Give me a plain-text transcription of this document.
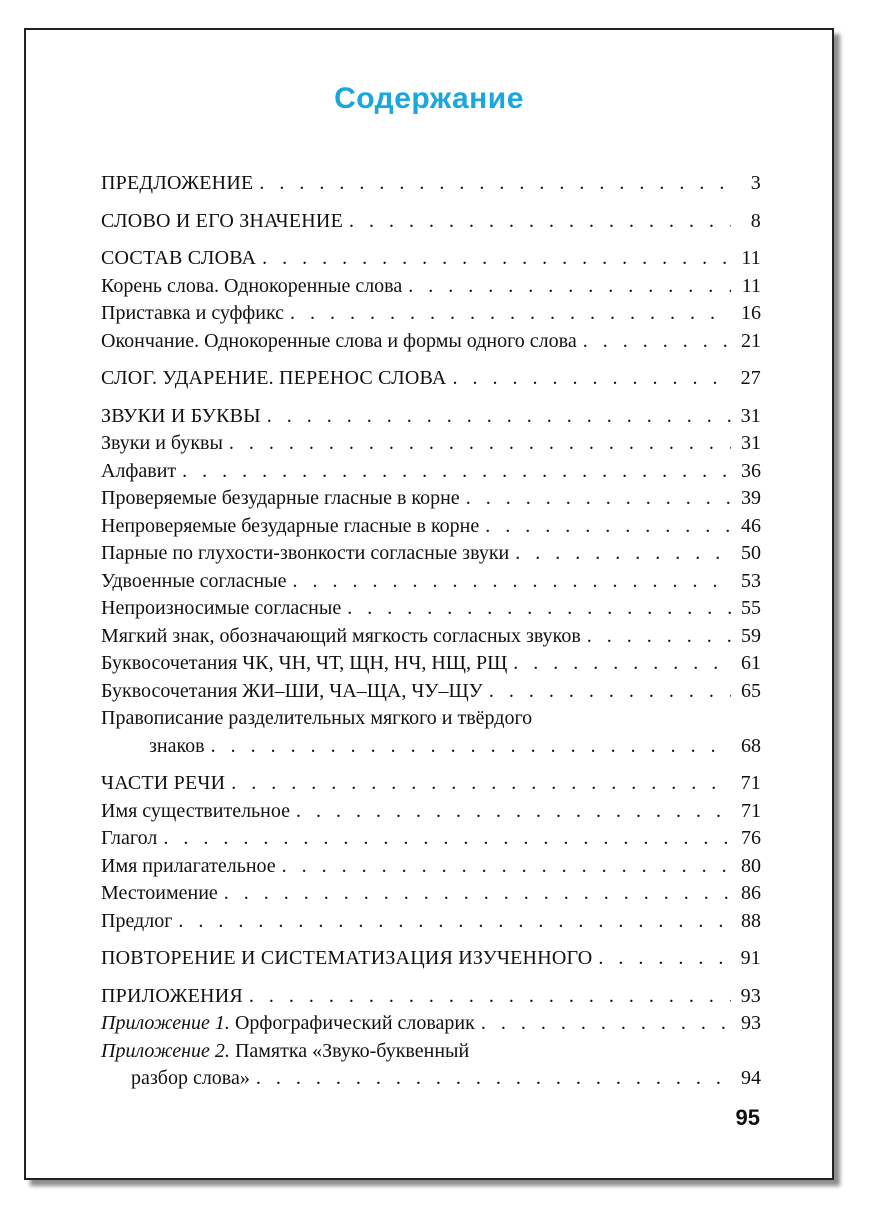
Содержание
ПРЕДЛОЖЕНИЕ . . .	3
СЛОВО И ЕГО ЗНАЧЕНИЕ . . .	8
СОСТАВ СЛОВА . . .	11
Корень слова. Однокоренные слова . . .	11
Приставка и суффикс . . .	16
Окончание. Однокоренные слова и формы одного слова . . .	21
СЛОГ. УДАРЕНИЕ. ПЕРЕНОС СЛОВА . . .	27
ЗВУКИ И БУКВЫ . . .	31
Звуки и буквы . . .	31
Алфавит . . .	36
Проверяемые безударные гласные в корне . . .	39
Непроверяемые безударные гласные в корне . . .	46
Парные по глухости-звонкости согласные звуки . . .	50
Удвоенные согласные . . .	53
Непроизносимые согласные . . .	55
Мягкий знак, обозначающий мягкость согласных звуков . . .	59
Буквосочетания ЧК, ЧН, ЧТ, ЩН, НЧ, НЩ, РЩ . . .	61
Буквосочетания ЖИ–ШИ, ЧА–ЩА, ЧУ–ЩУ . . .	65
Правописание разделительных мягкого и твёрдого
знаков . . .	68
ЧАСТИ РЕЧИ . . .	71
Имя существительное . . .	71
Глагол . . .	76
Имя прилагательное . . .	80
Местоимение . . .	86
Предлог . . .	88
ПОВТОРЕНИЕ И СИСТЕМАТИЗАЦИЯ ИЗУЧЕННОГО . . .	91
ПРИЛОЖЕНИЯ . . .	93
Приложение 1. Орфографический словарик . . .	93
Приложение 2. Памятка «Звуко-буквенный
разбор слова» . . .	94
95
